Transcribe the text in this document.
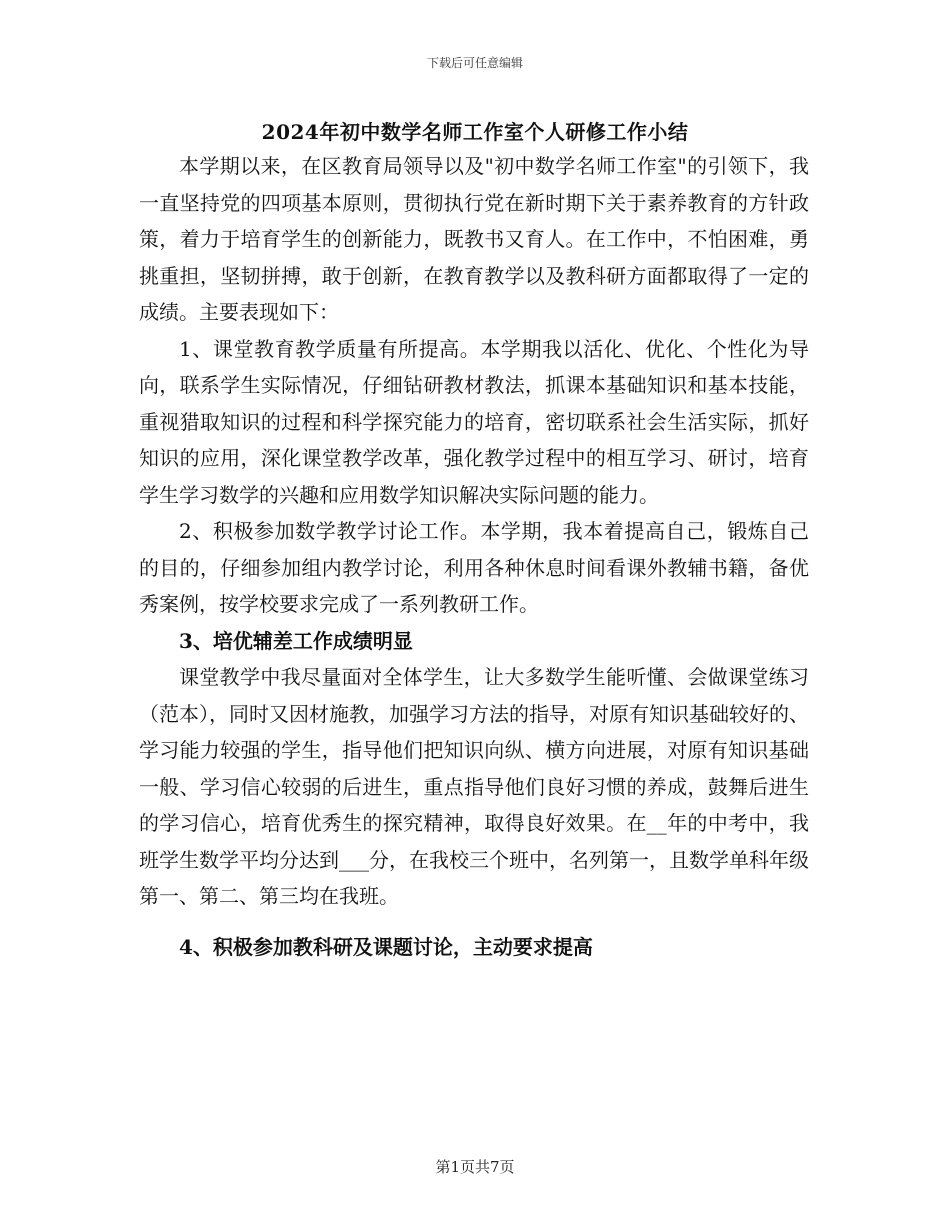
下载后可任意编辑
2024年初中数学名师工作室个人研修工作小结

本学期以来，在区教育局领导以及"初中数学名师工作室"的引领下，我一直坚持党的四项基本原则，贯彻执行党在新时期下关于素养教育的方针政策，着力于培育学生的创新能力，既教书又育人。在工作中，不怕困难，勇挑重担，坚韧拼搏，敢于创新，在教育教学以及教科研方面都取得了一定的成绩。主要表现如下：

1、课堂教育教学质量有所提高。本学期我以活化、优化、个性化为导向，联系学生实际情况，仔细钻研教材教法，抓课本基础知识和基本技能，重视猎取知识的过程和科学探究能力的培育，密切联系社会生活实际，抓好知识的应用，深化课堂教学改革，强化教学过程中的相互学习、研讨，培育学生学习数学的兴趣和应用数学知识解决实际问题的能力。

2、积极参加数学教学讨论工作。本学期，我本着提高自己，锻炼自己的目的，仔细参加组内教学讨论，利用各种休息时间看课外教辅书籍，备优秀案例，按学校要求完成了一系列教研工作。

3、培优辅差工作成绩明显

课堂教学中我尽量面对全体学生，让大多数学生能听懂、会做课堂练习（范本），同时又因材施教，加强学习方法的指导，对原有知识基础较好的、学习能力较强的学生，指导他们把知识向纵、横方向进展，对原有知识基础一般、学习信心较弱的后进生，重点指导他们良好习惯的养成，鼓舞后进生的学习信心，培育优秀生的探究精神，取得良好效果。在__年的中考中，我班学生数学平均分达到___分，在我校三个班中，名列第一，且数学单科年级第一、第二、第三均在我班。

4、积极参加教科研及课题讨论，主动要求提高

第1页共7页
